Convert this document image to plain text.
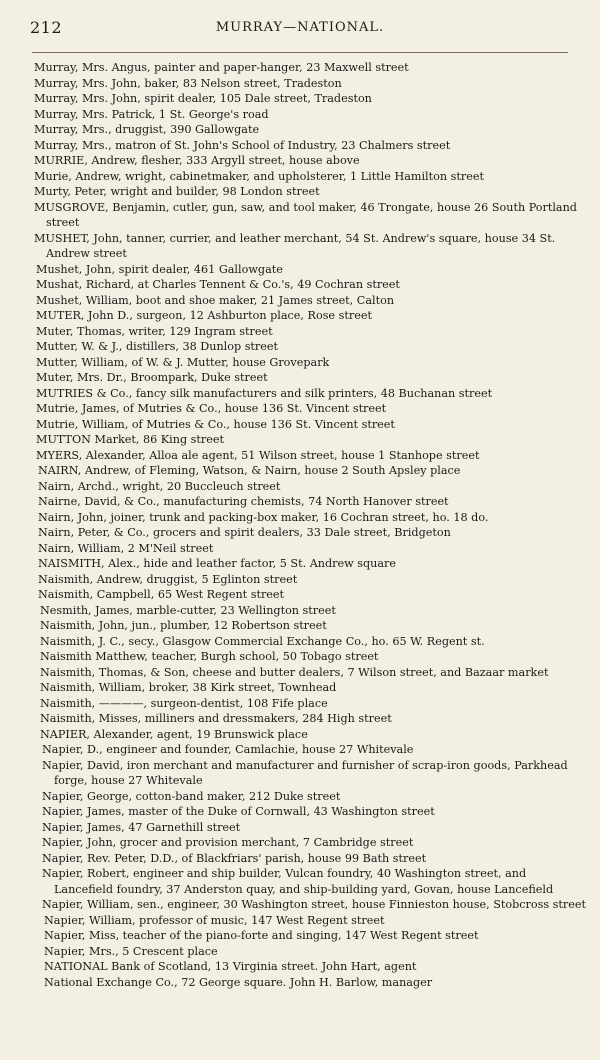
212	MURRAY—NATIONAL.
Murray, Mrs. Angus, painter and paper-hanger, 23 Maxwell street
Murray, Mrs. John, baker, 83 Nelson street, Tradeston
Murray, Mrs. John, spirit dealer, 105 Dale street, Tradeston
Murray, Mrs. Patrick, 1 St. George's road
Murray, Mrs., druggist, 390 Gallowgate
Murray, Mrs., matron of St. John's School of Industry, 23 Chalmers street
MURRIE, Andrew, flesher, 333 Argyll street, house above
Murie, Andrew, wright, cabinetmaker, and upholsterer, 1 Little Hamilton street
Murty, Peter, wright and builder, 98 London street
MUSGROVE, Benjamin, cutler, gun, saw, and tool maker, 46 Trongate, house 26 South Portland street
MUSHET, John, tanner, currier, and leather merchant, 54 St. Andrew's square, house 34 St. Andrew street
Mushet, John, spirit dealer, 461 Gallowgate
Mushat, Richard, at Charles Tennent & Co.'s, 49 Cochran street
Mushet, William, boot and shoe maker, 21 James street, Calton
MUTER, John D., surgeon, 12 Ashburton place, Rose street
Muter, Thomas, writer, 129 Ingram street
Mutter, W. & J., distillers, 38 Dunlop street
Mutter, William, of W. & J. Mutter, house Grovepark
Muter, Mrs. Dr., Broompark, Duke street
MUTRIES & Co., fancy silk manufacturers and silk printers, 48 Buchanan street
Mutrie, James, of Mutries & Co., house 136 St. Vincent street
Mutrie, William, of Mutries & Co., house 136 St. Vincent street
MUTTON Market, 86 King street
MYERS, Alexander, Alloa ale agent, 51 Wilson street, house 1 Stanhope street
NAIRN, Andrew, of Fleming, Watson, & Nairn, house 2 South Apsley place
Nairn, Archd., wright, 20 Buccleuch street
Nairne, David, & Co., manufacturing chemists, 74 North Hanover street
Nairn, John, joiner, trunk and packing-box maker, 16 Cochran street, ho. 18 do.
Nairn, Peter, & Co., grocers and spirit dealers, 33 Dale street, Bridgeton
Nairn, William, 2 M'Neil street
NAISMITH, Alex., hide and leather factor, 5 St. Andrew square
Naismith, Andrew, druggist, 5 Eglinton street
Naismith, Campbell, 65 West Regent street
Nesmith, James, marble-cutter, 23 Wellington street
Naismith, John, jun., plumber, 12 Robertson street
Naismith, J. C., secy., Glasgow Commercial Exchange Co., ho. 65 W. Regent st.
Naismith Matthew, teacher, Burgh school, 50 Tobago street
Naismith, Thomas, & Son, cheese and butter dealers, 7 Wilson street, and Bazaar market
Naismith, William, broker, 38 Kirk street, Townhead
Naismith, ————, surgeon-dentist, 108 Fife place
Naismith, Misses, milliners and dressmakers, 284 High street
NAPIER, Alexander, agent, 19 Brunswick place
Napier, D., engineer and founder, Camlachie, house 27 Whitevale
Napier, David, iron merchant and manufacturer and furnisher of scrap-iron goods, Parkhead forge, house 27 Whitevale
Napier, George, cotton-band maker, 212 Duke street
Napier, James, master of the Duke of Cornwall, 43 Washington street
Napier, James, 47 Garnethill street
Napier, John, grocer and provision merchant, 7 Cambridge street
Napier, Rev. Peter, D.D., of Blackfriars' parish, house 99 Bath street
Napier, Robert, engineer and ship builder, Vulcan foundry, 40 Washington street, and Lancefield foundry, 37 Anderston quay, and ship-building yard, Govan, house Lancefield
Napier, William, sen., engineer, 30 Washington street, house Finnieston house, Stobcross street
Napier, William, professor of music, 147 West Regent street
Napier, Miss, teacher of the piano-forte and singing, 147 West Regent street
Napier, Mrs., 5 Crescent place
NATIONAL Bank of Scotland, 13 Virginia street. John Hart, agent
National Exchange Co., 72 George square. John H. Barlow, manager
